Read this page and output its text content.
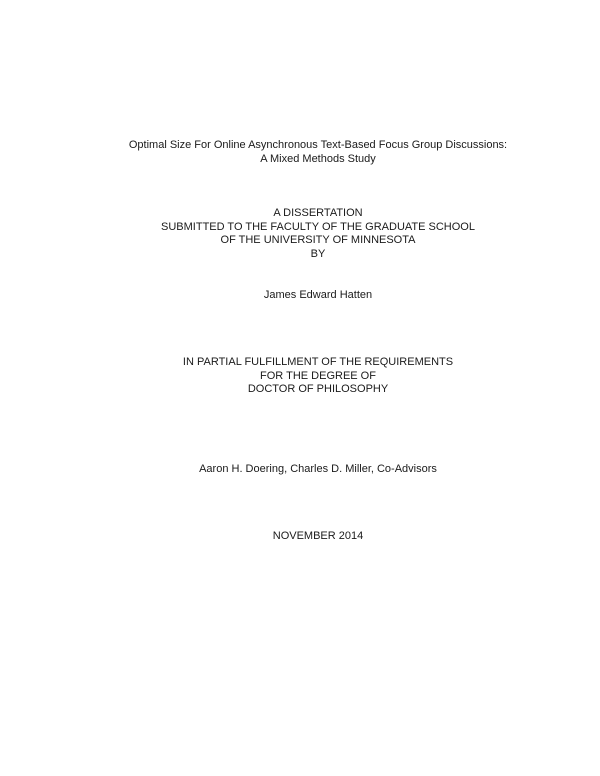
Optimal Size For Online Asynchronous Text-Based Focus Group Discussions:
A Mixed Methods Study
A DISSERTATION
SUBMITTED TO THE FACULTY OF THE GRADUATE SCHOOL
OF THE UNIVERSITY OF MINNESOTA
BY
James Edward Hatten
IN PARTIAL FULFILLMENT OF THE REQUIREMENTS
FOR THE DEGREE OF
DOCTOR OF PHILOSOPHY
Aaron H. Doering, Charles D. Miller, Co-Advisors
NOVEMBER 2014
